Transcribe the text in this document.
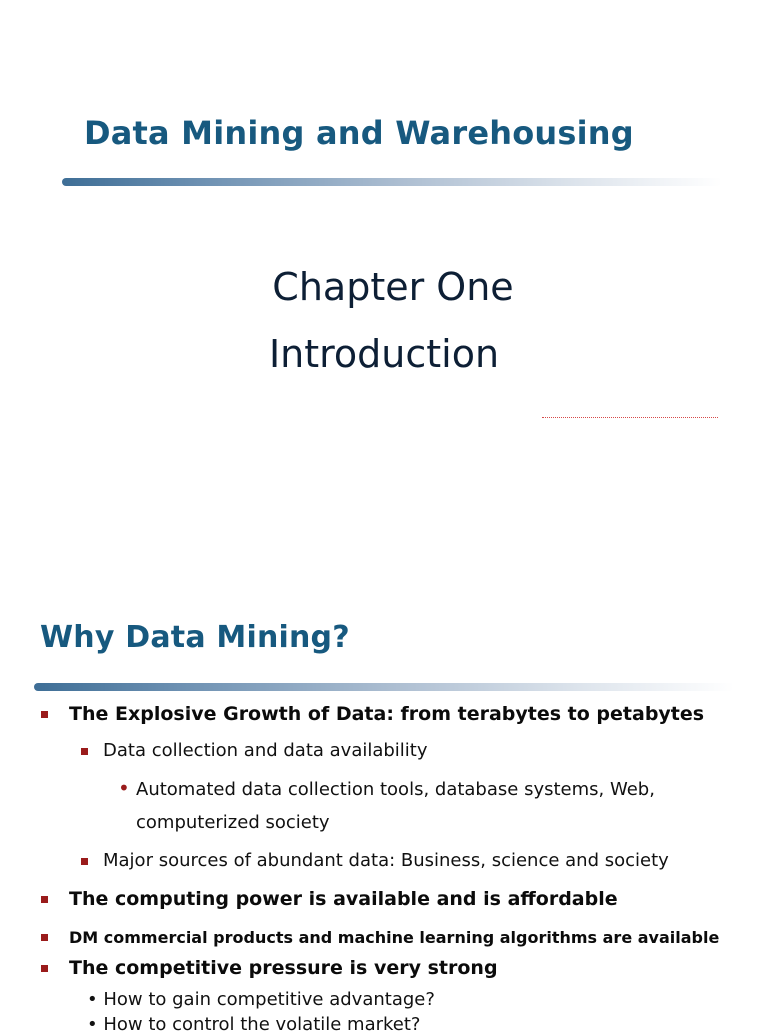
Data Mining and Warehousing

Chapter One

Introduction

Why Data Mining?
The Explosive Growth of Data: from terabytes to petabytes
Data collection and data availability
• Automated data collection tools, database systems, Web,
computerized society
Major sources of abundant data: Business, science and society
The computing power is available and is affordable
DM commercial products and machine learning algorithms are available
The competitive pressure is very strong
• How to gain competitive advantage?
• How to control the volatile market?
